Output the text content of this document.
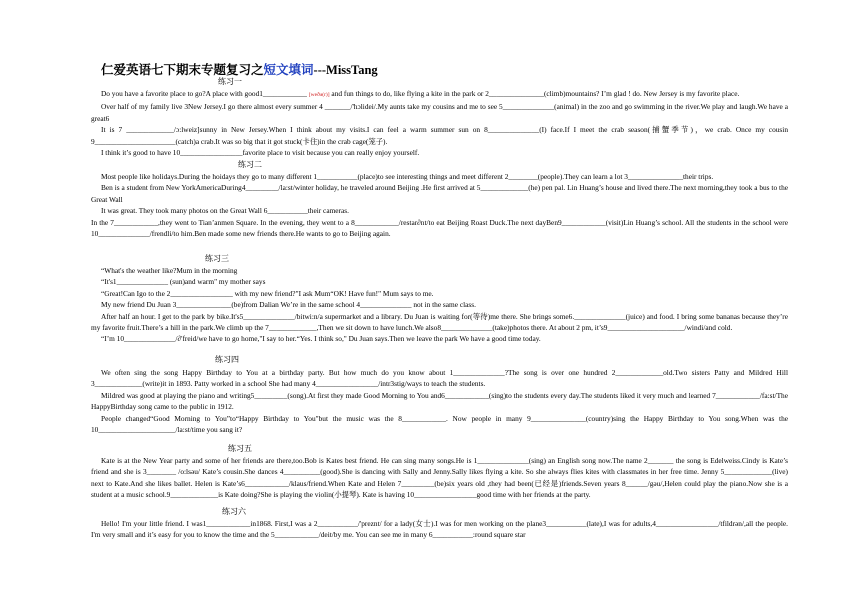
仁爱英语七下期末专题复习之短文填词---MissTang
练习一

Do you have a favorite place to go?A place with good1____________ [wеðә(r)] and fun things to do, like flying a kite in the park or 2_______________(climb)mountains? I’m glad ! do. New Jersey is my favorite place.

Over half of my family live 3New Jersey.I go there almost every summer 4 _______/'hɔlidei/.My aunts take my cousins and me to see 5______________(animal) in the zoo and go swimming in the river.We play and laugh.We have a great6

It is 7 _____________/ɔ:lweiz]sunny in New Jersey.When I think about my visits.I can feel a warm summer sun on 8______________(I) face.If I meet the crab season(捕蟹季节)，we crab. Once my cousin 9______________________(catch)a crab.It was so big that it got stuck(卡住)in the crab cage(笼子).

I think it’s good to have 10_________________favorite place to visit because you can really enjoy yourself.

练习二

Most people like holidays.During the hoidays they go to many different 1___________(place)to see interesting things and meet different 2________(people).They can learn a lot 3_______________their trips.

Ben is a student from New YorkAmericaDuring4_________/la:st/winter holiday, he traveled around Beijing .He first arrived at 5_____________(he) pen pal. Lin Huang’s house and lived there.The next morning,they took a bus to the Great Wall

It was great. They took many photos on the Great Wall 6___________their cameras.

In the 7____________,they went to Tian’anmen Square. In the evening, they went to a 8____________/restar∂nt/to eat Beijing Roast Duck.The next dayBen9____________(visit)Lin Huang’s school. All the students in the school were 10______________/frendli/to him.Ben made some new friends there.He wants to go to Beijing again.

练习三

“What's the weather like?Mum in the morning

“It's1______________ (sun)and warm" my mother says

“Great!Can Igo to the 2_________________ with my new friend?"I ask Mum“OK! Have fun!" Mum says to me.

My new friend Du Juan 3_______________(be)from Dalian We’re in the same school 4______________ not in the same class.

After half an hour. I get to the park by bike.It's5______________/bitwi:n/a supermarket and a library. Du Juan is waiting for(等待)me there. She brings some6.______________(juice) and food. I bring some bananas because they’re my favorite fruit.There’s a hill in the park.We climb up the 7_____________,Then we sit down to have lunch.We also8______________(take)photos there. At about 2 pm, it’s9_____________________/windi/and cold.

“I’m 10______________/∂'freid/we have to go home,"I say to her.“Yes. I think so," Du Juan says.Then we leave the park We have a good time today.

练习四

We often sing the song Happy Birthday to You at a birthday party. But how much do you know about 1______________?The song is over one hundred 2_____________old.Two sisters Patty and Mildred Hill 3_____________(write)it in 1893. Patty worked in a school She had many 4_________________/intr3stig/ways to teach the students.

Mildred was good at playing the piano and writing5_________(song).At first they made Good Morning to You and6____________(sing)to the students every day.The students liked it very much and learned 7____________/fa:st/The HappyBirthday song came to the public in 1912.

People changed“Good Morning to You”to“Happy Birthday to You"but the music was the 8____________. Now people in many 9_______________(country)sing the Happy Birthday to You song.When was the 10_____________________/la:st/time you sang it?

练习五

Kate is at the New Year party and some of her friends are there,too.Bob is Kates best friend. He can sing many songs.He is 1______________(sing) an English song now.The name 2_______ the song is Edelweiss.Cindy is Kate’s friend and she is 3________ /o:lsəu/ Kate’s cousin.She dances 4__________(good).She is dancing with Sally and Jenny.Sally likes flying a kite. So she always flies kites with classmates in her free time. Jenny 5_____________(live) next to Kate.And she likes ballet. Helen is Kate’s6____________/klaus/friend.When Kate and Helen 7_________(be)six years old ,they had been(已经是)friends.Seven years 8______/gəu/,Helen could play the piano.Now she is a student at a music school.9_____________is Kate doing?She is playing the violin(小提琴). Kate is having 10_________________good time with her friends at the party.

练习六

Hello! I'm your little friend. I was1____________in1868. First,I was a 2___________/'preznt/ for a lady(女士).I was for men working on the plane3___________(late),I was for adults,4_________________/tfildrən/,all the people. I'm very small and it’s easy for you to know the time and the 5____________/deit/by me. You can see me in many 6___________:round square star
